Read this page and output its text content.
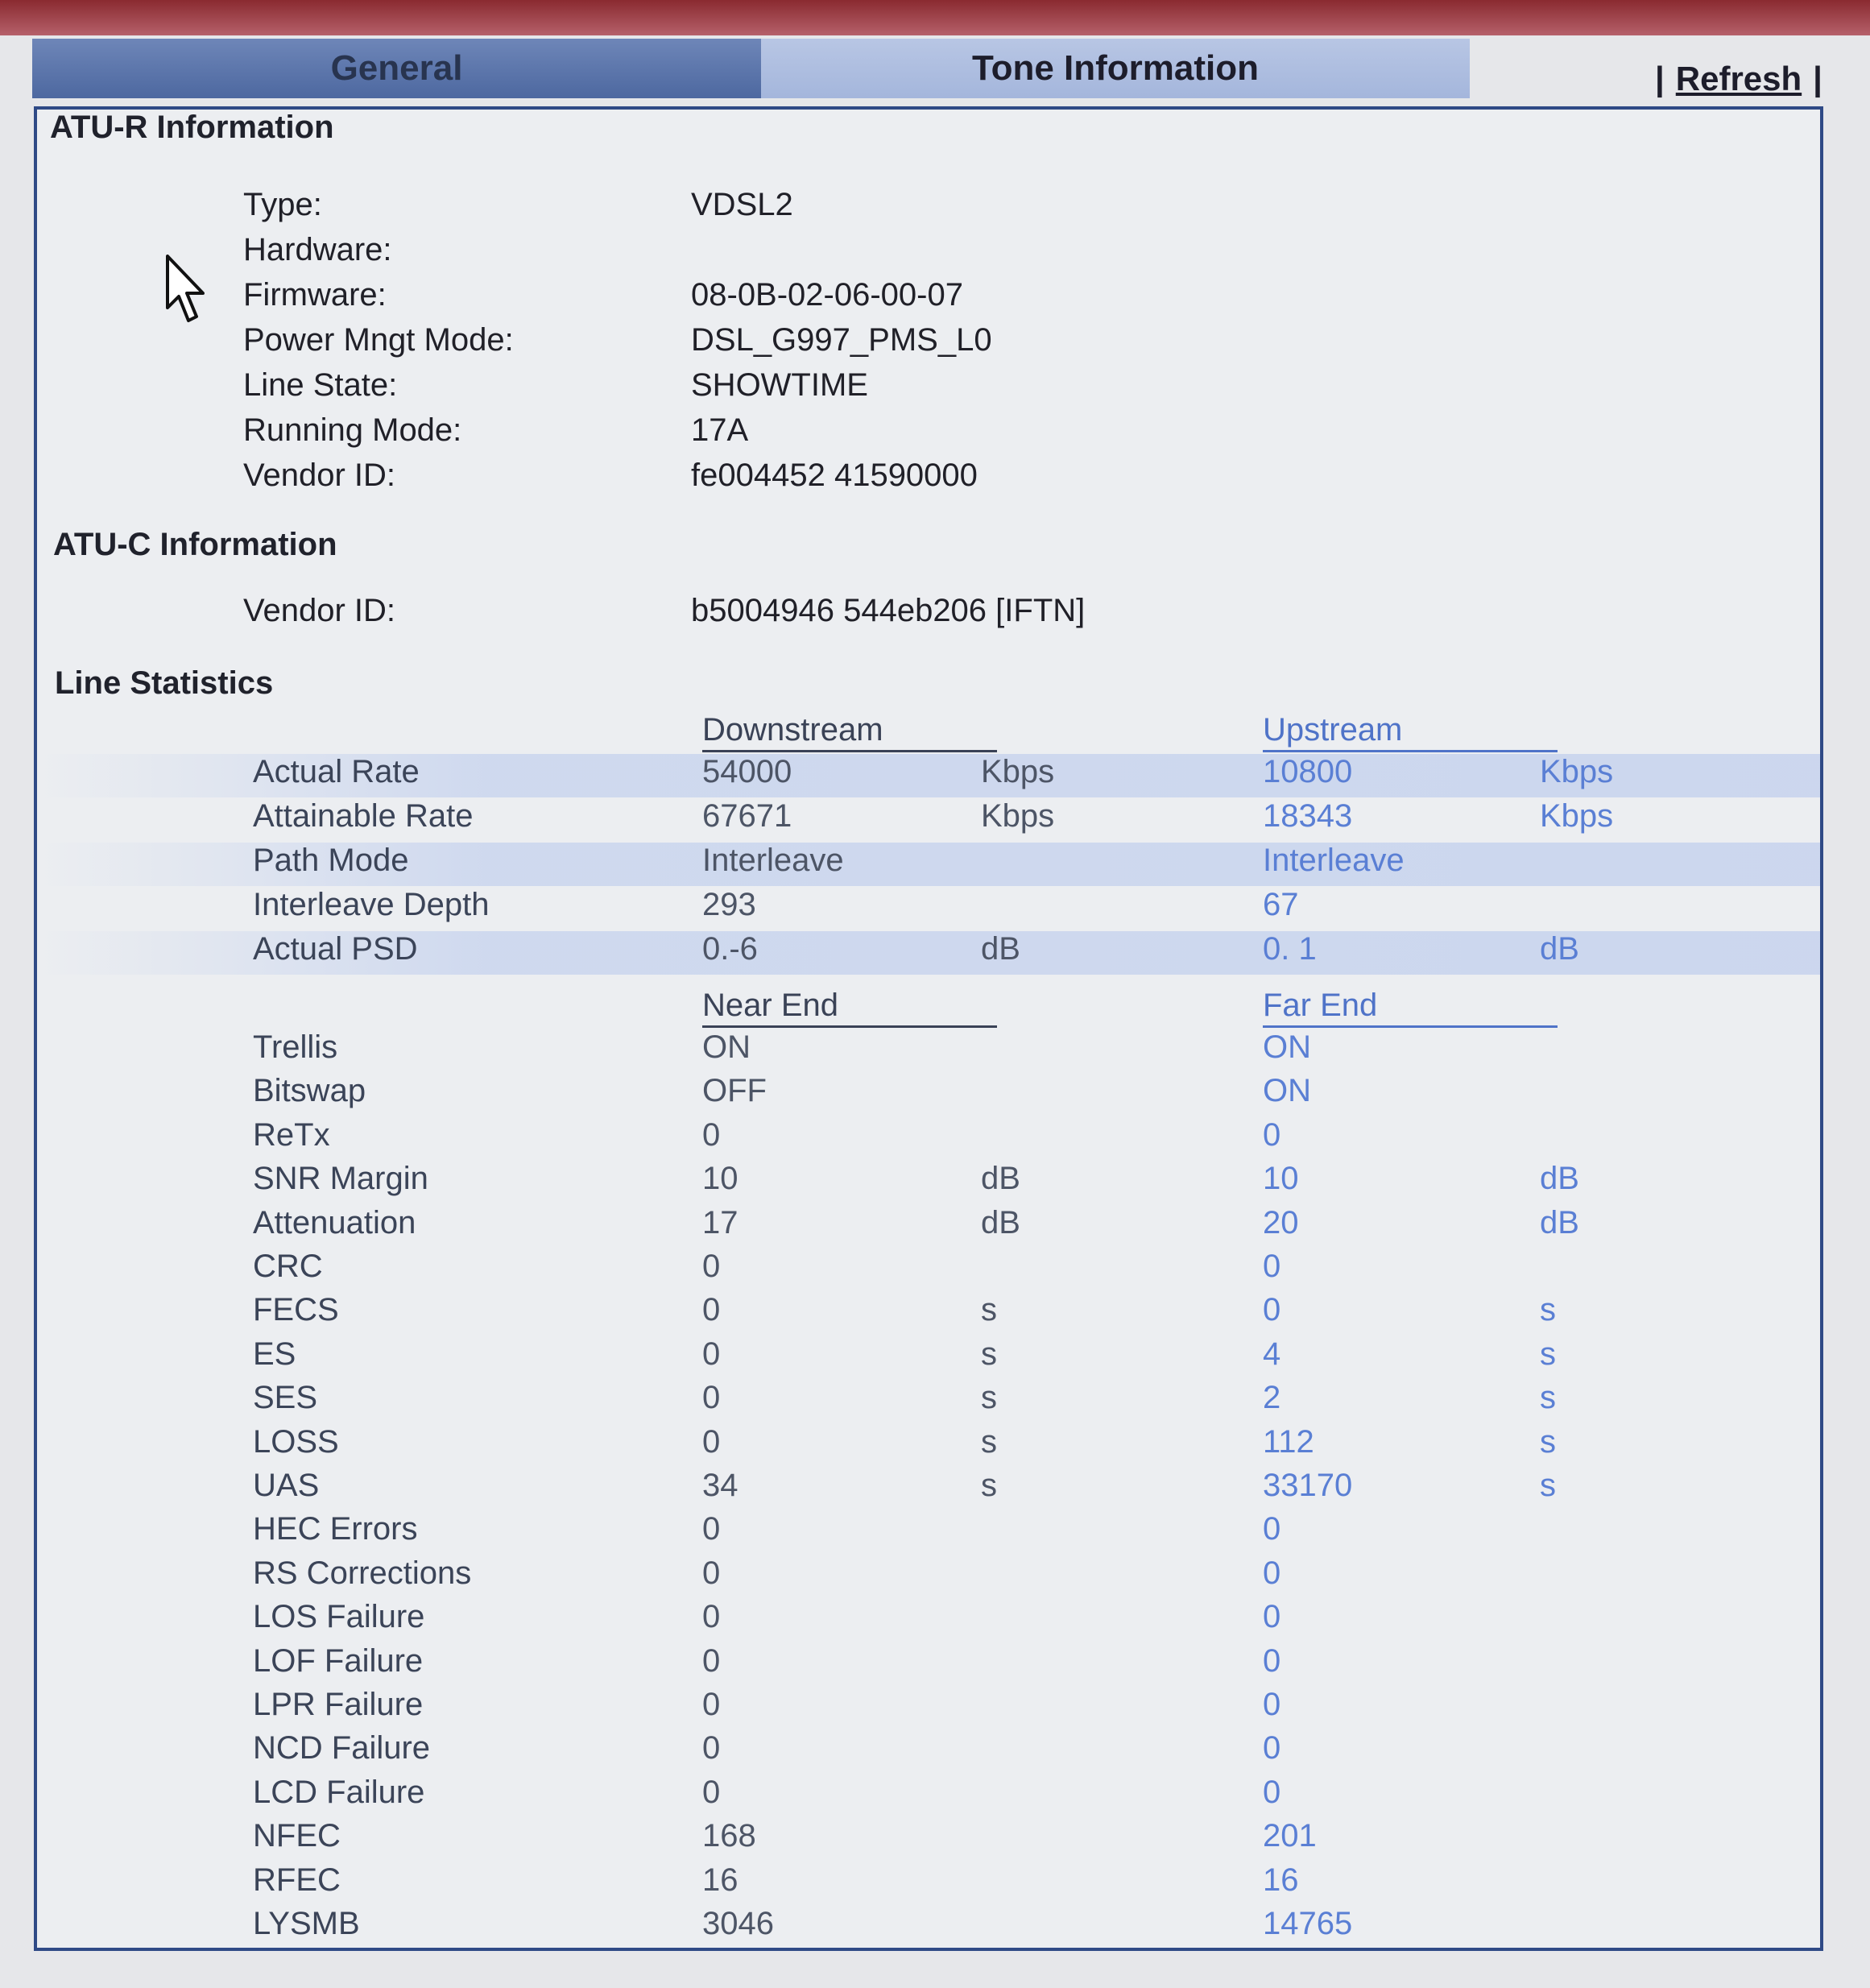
General	Tone Information	| Refresh |
ATU-R Information
Type:	VDSL2
Hardware:
Firmware:	08-0B-02-06-00-07
Power Mngt Mode:	DSL_G997_PMS_L0
Line State:	SHOWTIME
Running Mode:	17A
Vendor ID:	fe004452 41590000
ATU-C Information
Vendor ID:	b5004946 544eb206 [IFTN]
Line Statistics
Downstream	Upstream
Actual Rate	54000	Kbps	10800	Kbps
Attainable Rate	67671	Kbps	18343	Kbps
Path Mode	Interleave	Interleave
Interleave Depth	293	67
Actual PSD	0.-6	dB	0. 1	dB
Near End	Far End
Trellis	ON	ON
Bitswap	OFF	ON
ReTx	0	0
SNR Margin	10	dB	10	dB
Attenuation	17	dB	20	dB
CRC	0	0
FECS	0	s	0	s
ES	0	s	4	s
SES	0	s	2	s
LOSS	0	s	112	s
UAS	34	s	33170	s
HEC Errors	0	0
RS Corrections	0	0
LOS Failure	0	0
LOF Failure	0	0
LPR Failure	0	0
NCD Failure	0	0
LCD Failure	0	0
NFEC	168	201
RFEC	16	16
LYSMB	3046	14765
